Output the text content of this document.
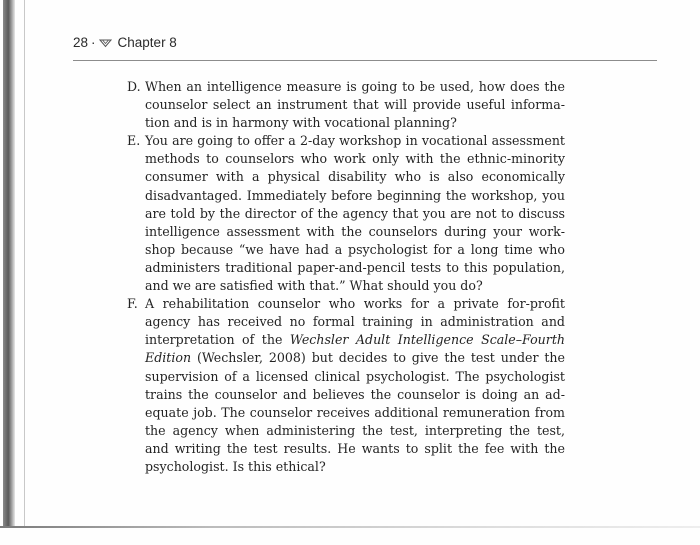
28 · Chapter 8
D. When an intelligence measure is going to be used, how does the counselor select an instrument that will provide useful information and is in harmony with vocational planning?
E. You are going to offer a 2-day workshop in vocational assessment methods to counselors who work only with the ethnic-minority consumer with a physical disability who is also economically disadvantaged. Immediately before beginning the workshop, you are told by the director of the agency that you are not to discuss intelligence assessment with the counselors during your workshop because “we have had a psychologist for a long time who administers traditional paper-and-pencil tests to this population, and we are satisfied with that.” What should you do?
F. A rehabilitation counselor who works for a private for-profit agency has received no formal training in administration and interpretation of the Wechsler Adult Intelligence Scale–Fourth Edition (Wechsler, 2008) but decides to give the test under the supervision of a licensed clinical psychologist. The psychologist trains the counselor and believes the counselor is doing an adequate job. The counselor receives additional remuneration from the agency when administering the test, interpreting the test, and writing the test results. He wants to split the fee with the psychologist. Is this ethical?
